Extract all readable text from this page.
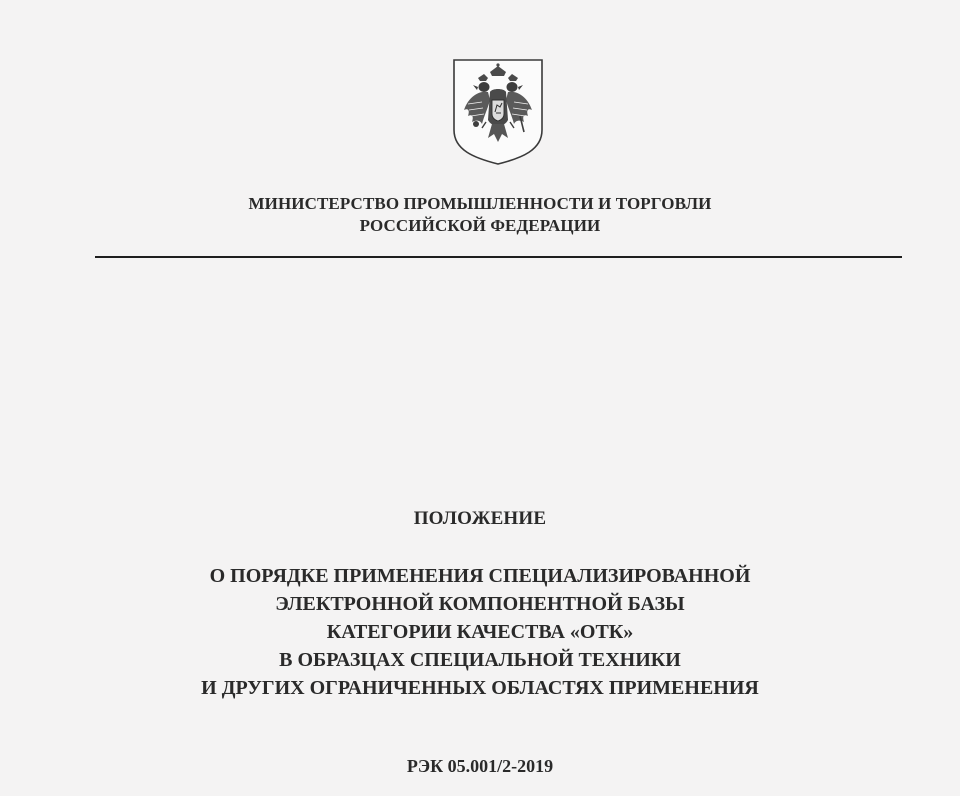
МИНИСТЕРСТВО ПРОМЫШЛЕННОСТИ И ТОРГОВЛИ
РОССИЙСКОЙ ФЕДЕРАЦИИ
ПОЛОЖЕНИЕ
О ПОРЯДКЕ ПРИМЕНЕНИЯ СПЕЦИАЛИЗИРОВАННОЙ
ЭЛЕКТРОННОЙ КОМПОНЕНТНОЙ БАЗЫ
КАТЕГОРИИ КАЧЕСТВА «ОТК»
В ОБРАЗЦАХ СПЕЦИАЛЬНОЙ ТЕХНИКИ
И ДРУГИХ ОГРАНИЧЕННЫХ ОБЛАСТЯХ ПРИМЕНЕНИЯ
РЭК 05.001/2-2019
